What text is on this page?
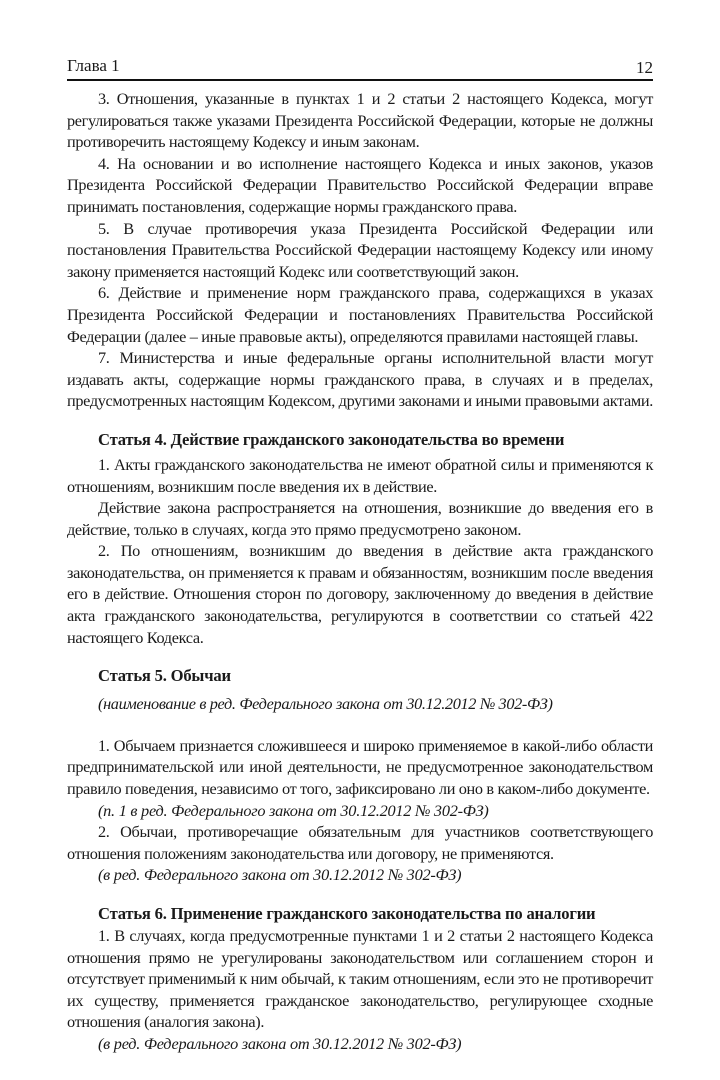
Глава 1	12

3. Отношения, указанные в пунктах 1 и 2 статьи 2 настоящего Кодекса, могут регулироваться также указами Президента Российской Федерации, которые не должны противоречить настоящему Кодексу и иным законам.

4. На основании и во исполнение настоящего Кодекса и иных законов, указов Президента Российской Федерации Правительство Российской Федерации вправе принимать постановления, содержащие нормы гражданского права.

5. В случае противоречия указа Президента Российской Федерации или постановления Правительства Российской Федерации настоящему Кодексу или иному закону применяется настоящий Кодекс или соответствующий закон.

6. Действие и применение норм гражданского права, содержащихся в указах Президента Российской Федерации и постановлениях Правительства Российской Федерации (далее – иные правовые акты), определяются правилами настоящей главы.

7. Министерства и иные федеральные органы исполнительной власти могут издавать акты, содержащие нормы гражданского права, в случаях и в пределах, предусмотренных настоящим Кодексом, другими законами и иными правовыми актами.

Статья 4. Действие гражданского законодательства во времени

1. Акты гражданского законодательства не имеют обратной силы и применяются к отношениям, возникшим после введения их в действие.

Действие закона распространяется на отношения, возникшие до введения его в действие, только в случаях, когда это прямо предусмотрено законом.

2. По отношениям, возникшим до введения в действие акта гражданского законодательства, он применяется к правам и обязанностям, возникшим после введения его в действие. Отношения сторон по договору, заключенному до введения в действие акта гражданского законодательства, регулируются в соответствии со статьей 422 настоящего Кодекса.

Статья 5. Обычаи

(наименование в ред. Федерального закона от 30.12.2012 № 302-ФЗ)

1. Обычаем признается сложившееся и широко применяемое в какой-либо области предпринимательской или иной деятельности, не предусмотренное законодательством правило поведения, независимо от того, зафиксировано ли оно в каком-либо документе.

(п. 1 в ред. Федерального закона от 30.12.2012 № 302-ФЗ)

2. Обычаи, противоречащие обязательным для участников соответствующего отношения положениям законодательства или договору, не применяются.

(в ред. Федерального закона от 30.12.2012 № 302-ФЗ)

Статья 6. Применение гражданского законодательства по аналогии

1. В случаях, когда предусмотренные пунктами 1 и 2 статьи 2 настоящего Кодекса отношения прямо не урегулированы законодательством или соглашением сторон и отсутствует применимый к ним обычай, к таким отношениям, если это не противоречит их существу, применяется гражданское законодательство, регулирующее сходные отношения (аналогия закона).

(в ред. Федерального закона от 30.12.2012 № 302-ФЗ)
